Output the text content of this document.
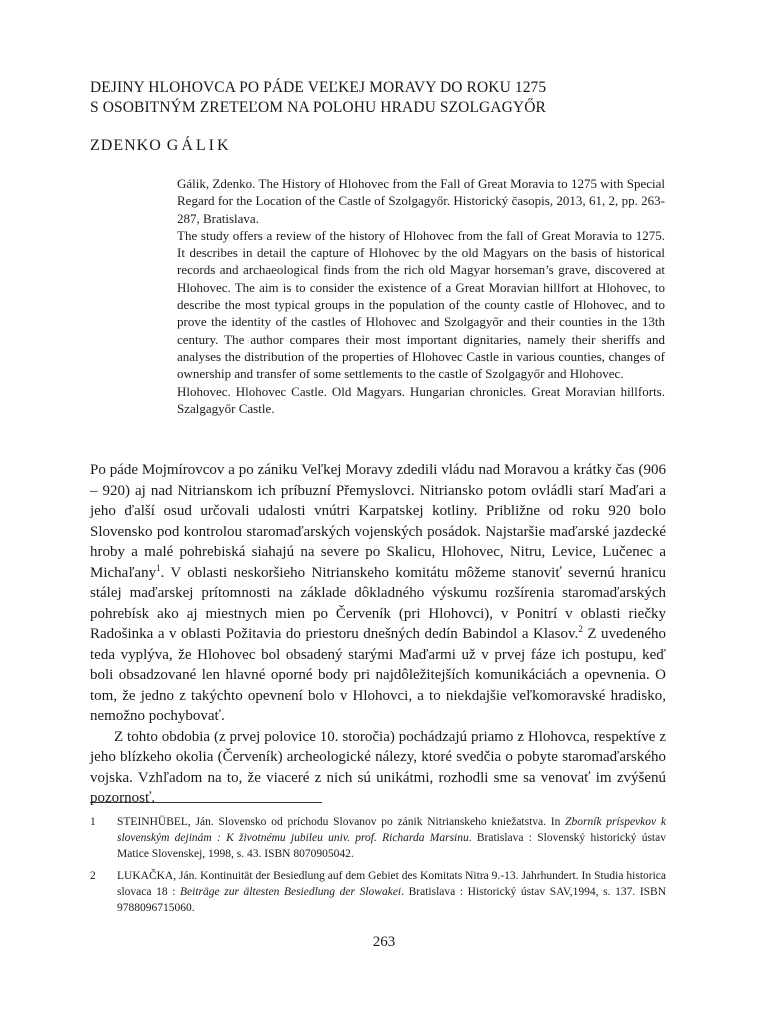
DEJINY HLOHOVCA PO PÁDE VEĽKEJ MORAVY DO ROKU 1275
S OSOBITNÝM ZRETEĽOM NA POLOHU HRADU SZOLGAGYŐR
ZDENKO GÁLIK

Gálik, Zdenko. The History of Hlohovec from the Fall of Great Moravia to 1275 with Special Regard for the Location of the Castle of Szolgagyőr. Historický časopis, 2013, 61, 2, pp. 263-287, Bratislava.

The study offers a review of the history of Hlohovec from the fall of Great Moravia to 1275. It describes in detail the capture of Hlohovec by the old Magyars on the basis of historical records and archaeological finds from the rich old Magyar horseman’s grave, discovered at Hlohovec. The aim is to consider the existence of a Great Moravian hillfort at Hlohovec, to describe the most typical groups in the population of the county castle of Hlohovec, and to prove the identity of the castles of Hlohovec and Szolgagyőr and their counties in the 13th century. The author compares their most important dignitaries, namely their sheriffs and analyses the distribution of the properties of Hlohovec Castle in various counties, changes of ownership and transfer of some settlements to the castle of Szolgagyőr and Hlohovec.

Hlohovec. Hlohovec Castle. Old Magyars. Hungarian chronicles. Great Moravian hillforts. Szalgagyőr Castle.

Po páde Mojmírovcov a po zániku Veľkej Moravy zdedili vládu nad Moravou a krátky čas (906 – 920) aj nad Nitrianskom ich príbuzní Přemyslovci. Nitriansko potom ovládli starí Maďari a jeho ďalší osud určovali udalosti vnútri Karpatskej kotliny. Približne od roku 920 bolo Slovensko pod kontrolou staromaďarských vojenských posádok. Najstaršie maďarské jazdecké hroby a malé pohrebiská siahajú na severe po Skalicu, Hlohovec, Nitru, Levice, Lučenec a Michaľany$^1$. V oblasti neskoršieho Nitrianskeho komitátu môžeme stanoviť severnú hranicu stálej maďarskej prítomnosti na základe dôkladného výskumu rozšírenia staromaďarských pohrebísk ako aj miestnych mien po Červeník (pri Hlohovci), v Ponitrí v oblasti riečky Radošinka a v oblasti Požitavia do priestoru dnešných dedín Babindol a Klasov.$^2$ Z uvedeného teda vyplýva, že Hlohovec bol obsadený starými Maďarmi už v prvej fáze ich postupu, keď boli obsadzované len hlavné oporné body pri najdôležitejších komunikáciách a opevnenia. O tom, že jedno z takýchto opevnení bolo v Hlohovci, a to niekdajšie veľkomoravské hradisko, nemožno pochybovať.

Z tohto obdobia (z prvej polovice 10. storočia) pochádzajú priamo z Hlohovca, respektíve z jeho blízkeho okolia (Červeník) archeologické nálezy, ktoré svedčia o pobyte staromaďarského vojska. Vzhľadom na to, že viaceré z nich sú unikátmi, rozhodli sme sa venovať im zvýšenú pozornosť.

1	STEINHÜBEL, Ján. Slovensko od príchodu Slovanov po zánik Nitrianskeho kniežatstva. In Zborník príspevkov k slovenským dejinám : K životnému jubileu univ. prof. Richarda Marsinu. Bratislava : Slovenský historický ústav Matice Slovenskej, 1998, s. 43. ISBN 8070905042.
2	LUKAČKA, Ján. Kontinuität der Besiedlung auf dem Gebiet des Komitats Nitra 9.-13. Jahrhundert. In Studia historica slovaca 18 : Beiträge zur ältesten Besiedlung der Slowakei. Bratislava : Historický ústav SAV,1994, s. 137. ISBN 9788096715060.
263
